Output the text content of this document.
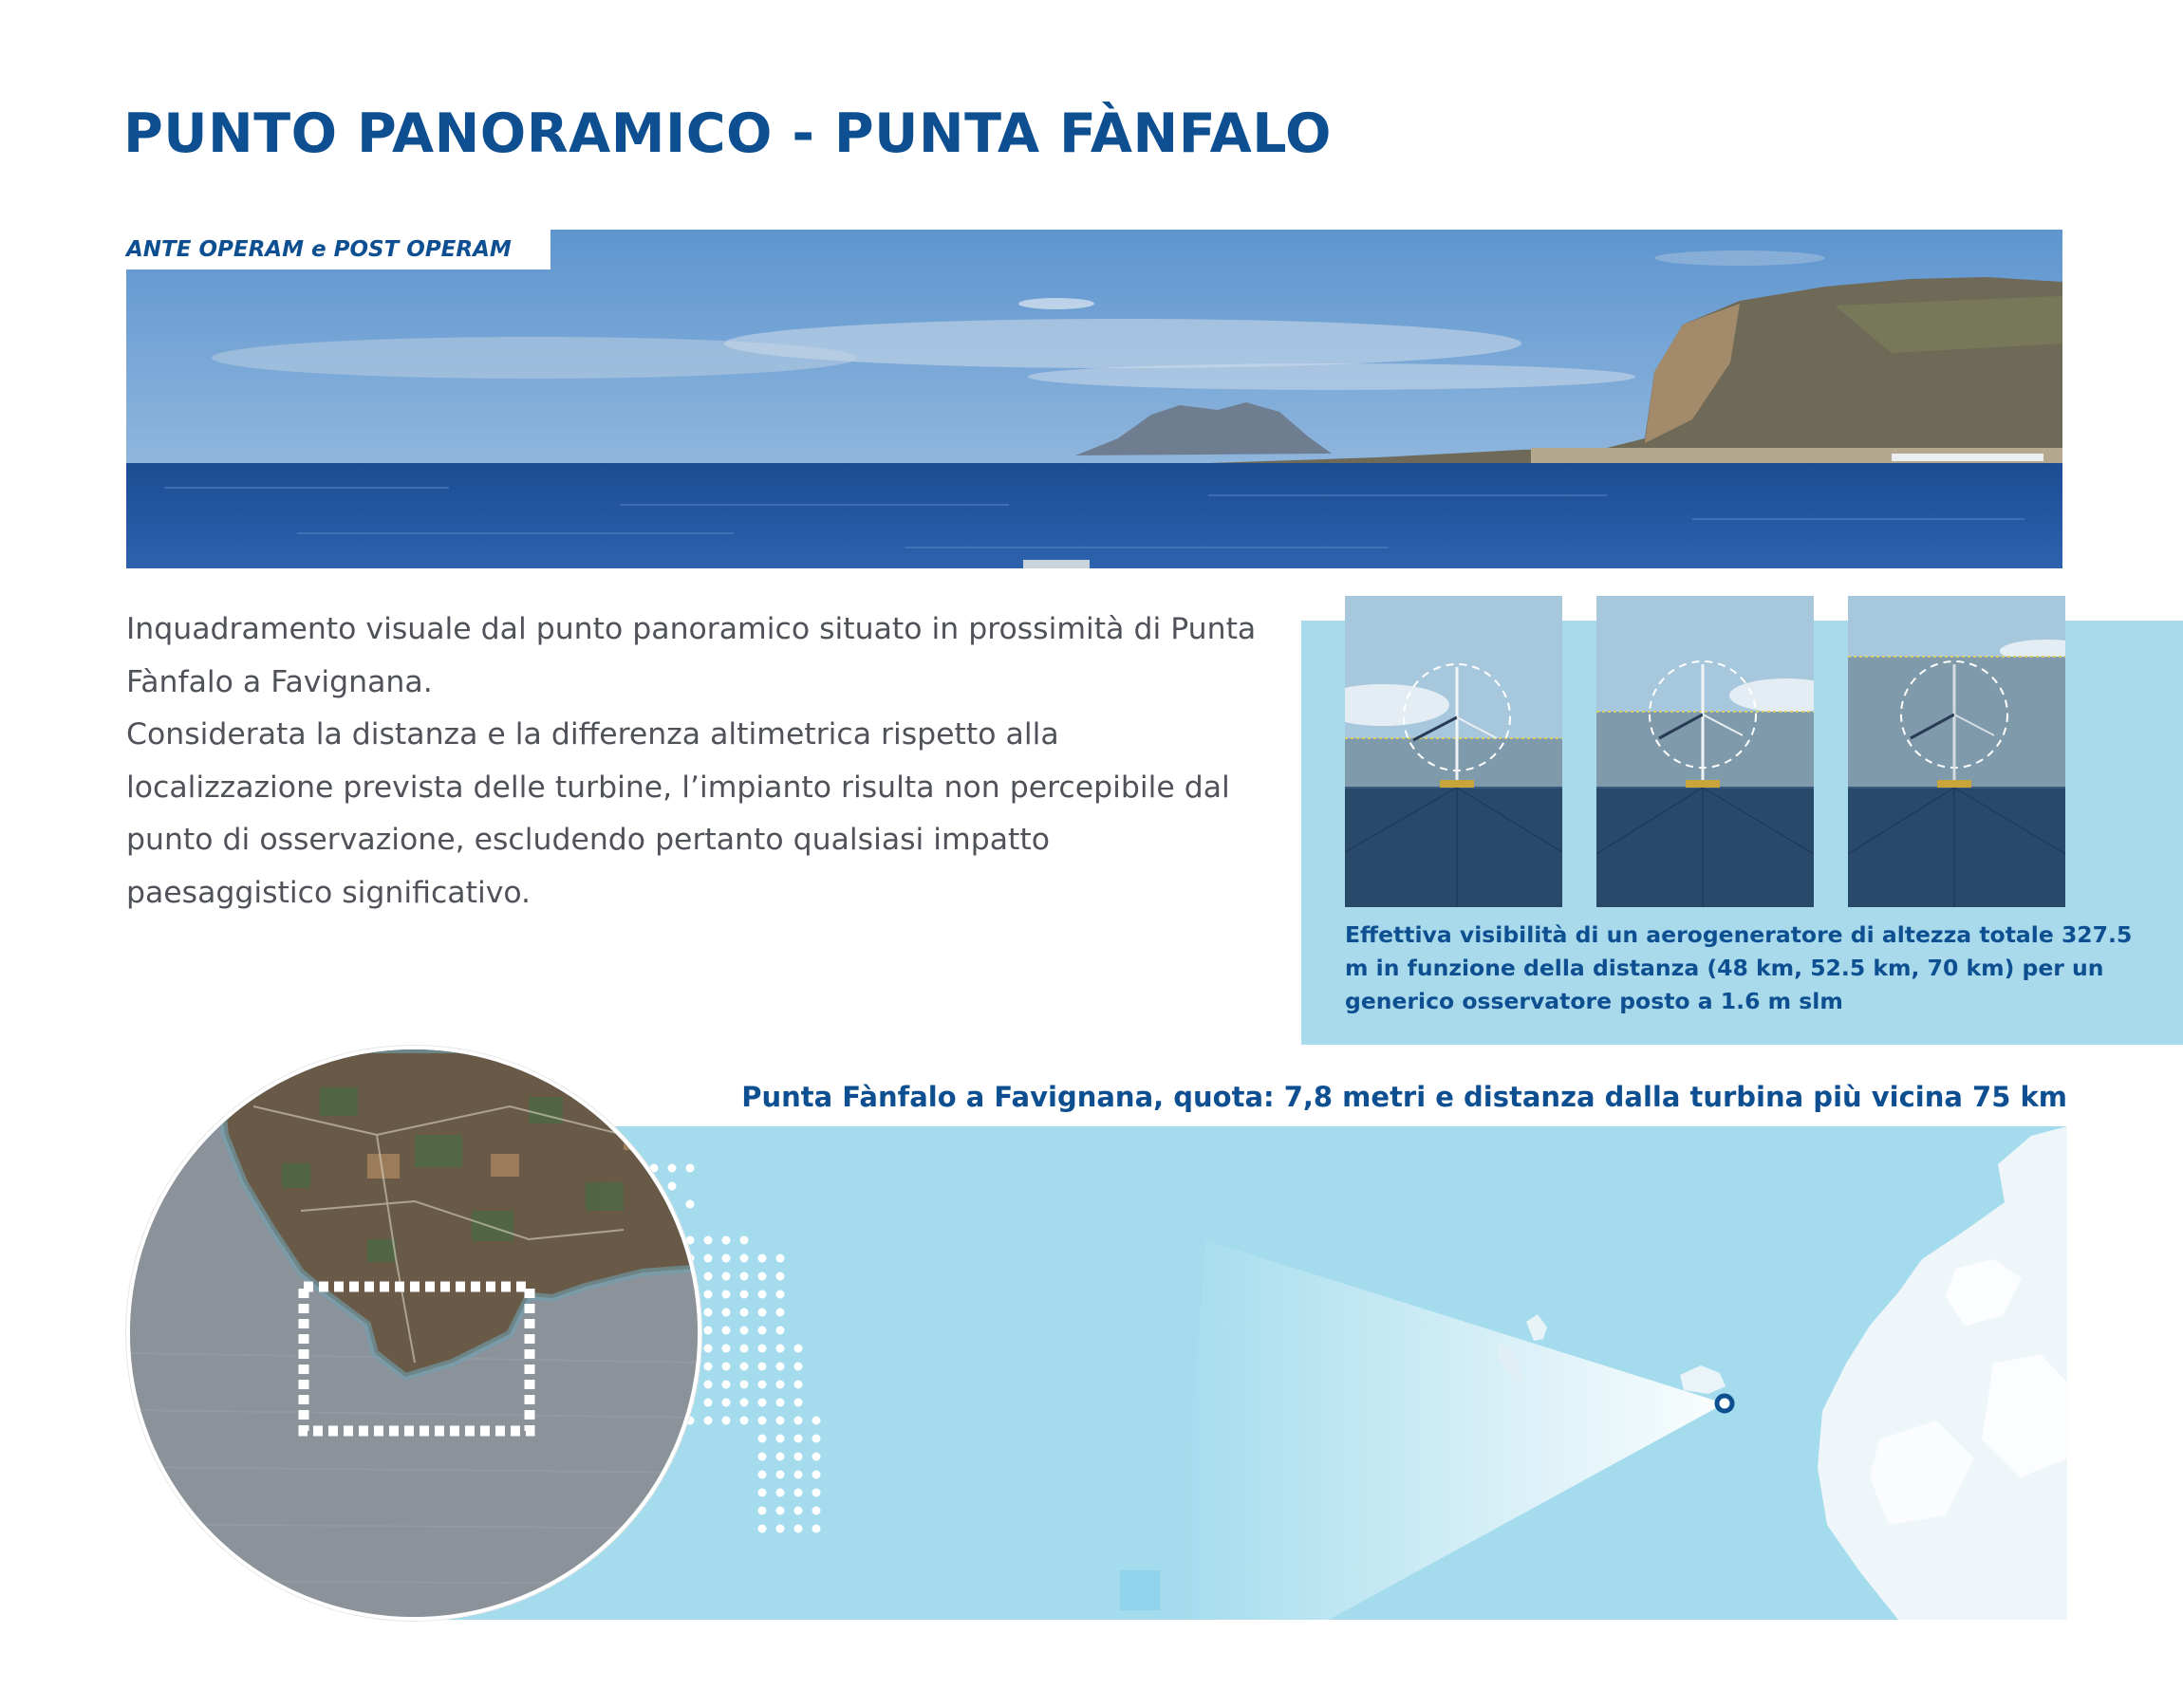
PUNTO PANORAMICO - PUNTA FÀNFALO
ANTE OPERAM e POST OPERAM

Inquadramento visuale dal punto panoramico situato in prossimità di Punta Fànfalo a Favignana.

Considerata la distanza e la differenza altimetrica rispetto alla localizzazione prevista delle turbine, l’impianto risulta non percepibile dal punto di osservazione, escludendo pertanto qualsiasi impatto paesaggistico significativo.

Effettiva visibilità di un aerogeneratore di altezza totale 327.5 m in funzione della distanza (48 km, 52.5 km, 70 km) per un generico osservatore posto a 1.6 m slm
Punta Fànfalo a Favignana, quota: 7,8 metri e distanza dalla turbina più vicina 75 km
